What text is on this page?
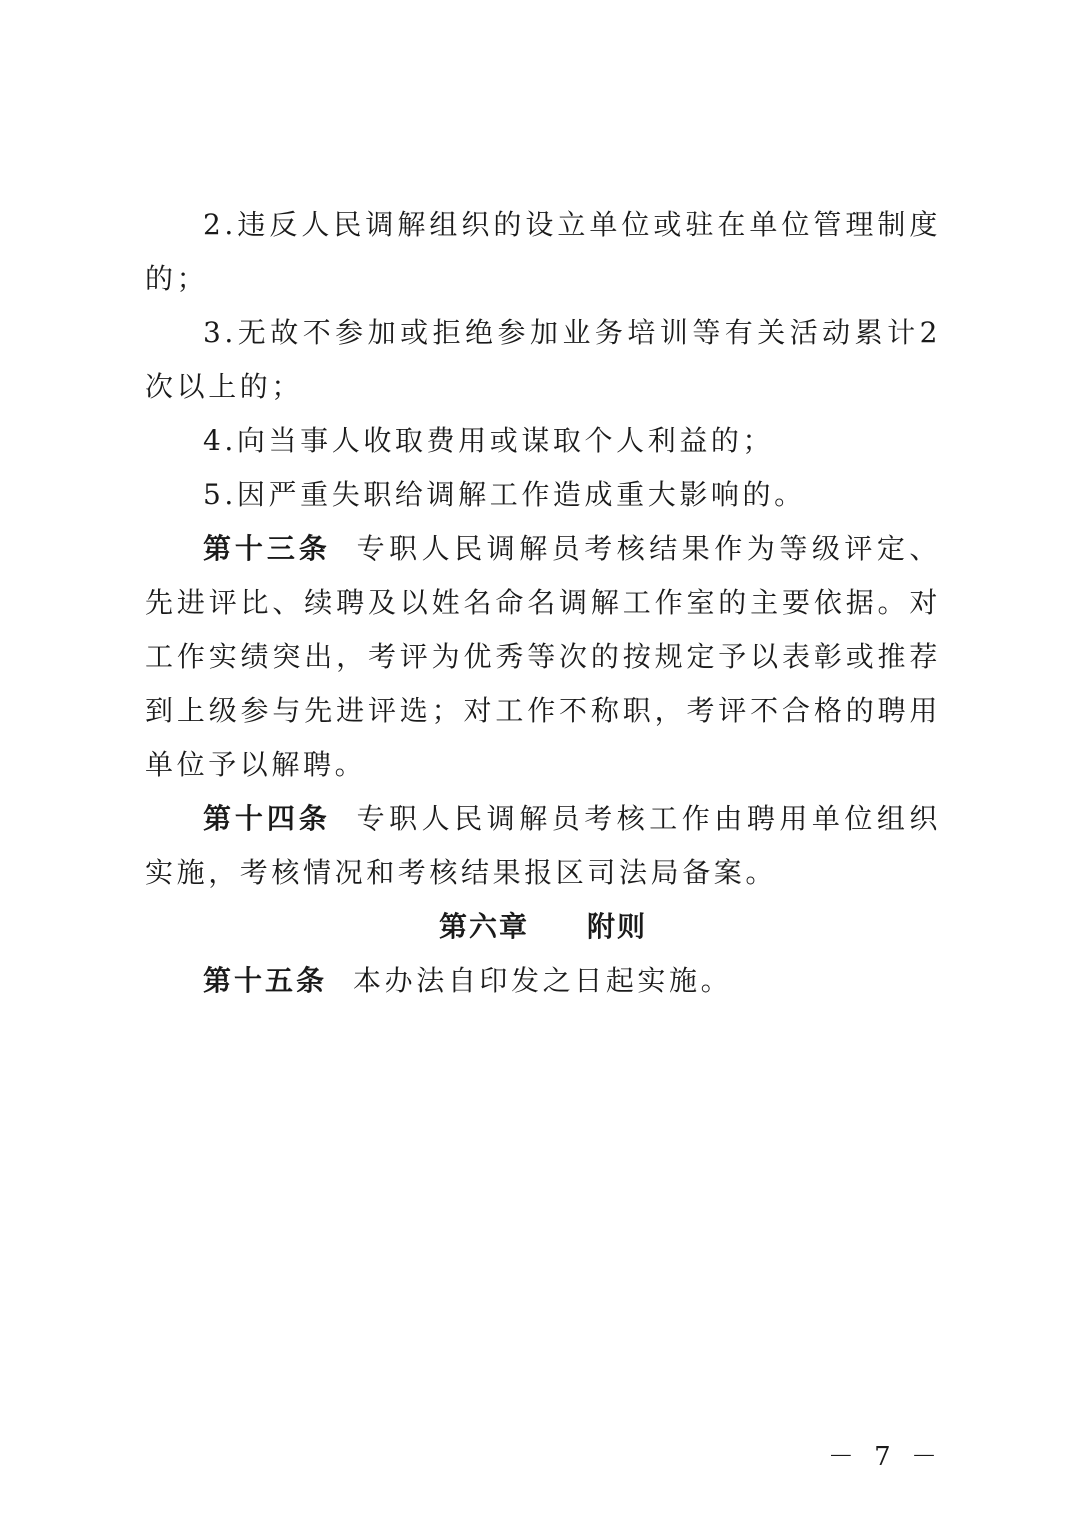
2.违反人民调解组织的设立单位或驻在单位管理制度的；

3.无故不参加或拒绝参加业务培训等有关活动累计2次以上的；

4.向当事人收取费用或谋取个人利益的；

5.因严重失职给调解工作造成重大影响的。

第十三条 专职人民调解员考核结果作为等级评定、先进评比、续聘及以姓名命名调解工作室的主要依据。对工作实绩突出，考评为优秀等次的按规定予以表彰或推荐到上级参与先进评选；对工作不称职，考评不合格的聘用单位予以解聘。

第十四条 专职人民调解员考核工作由聘用单位组织实施，考核情况和考核结果报区司法局备案。

第六章 附则

第十五条 本办法自印发之日起实施。

－ 7 －
